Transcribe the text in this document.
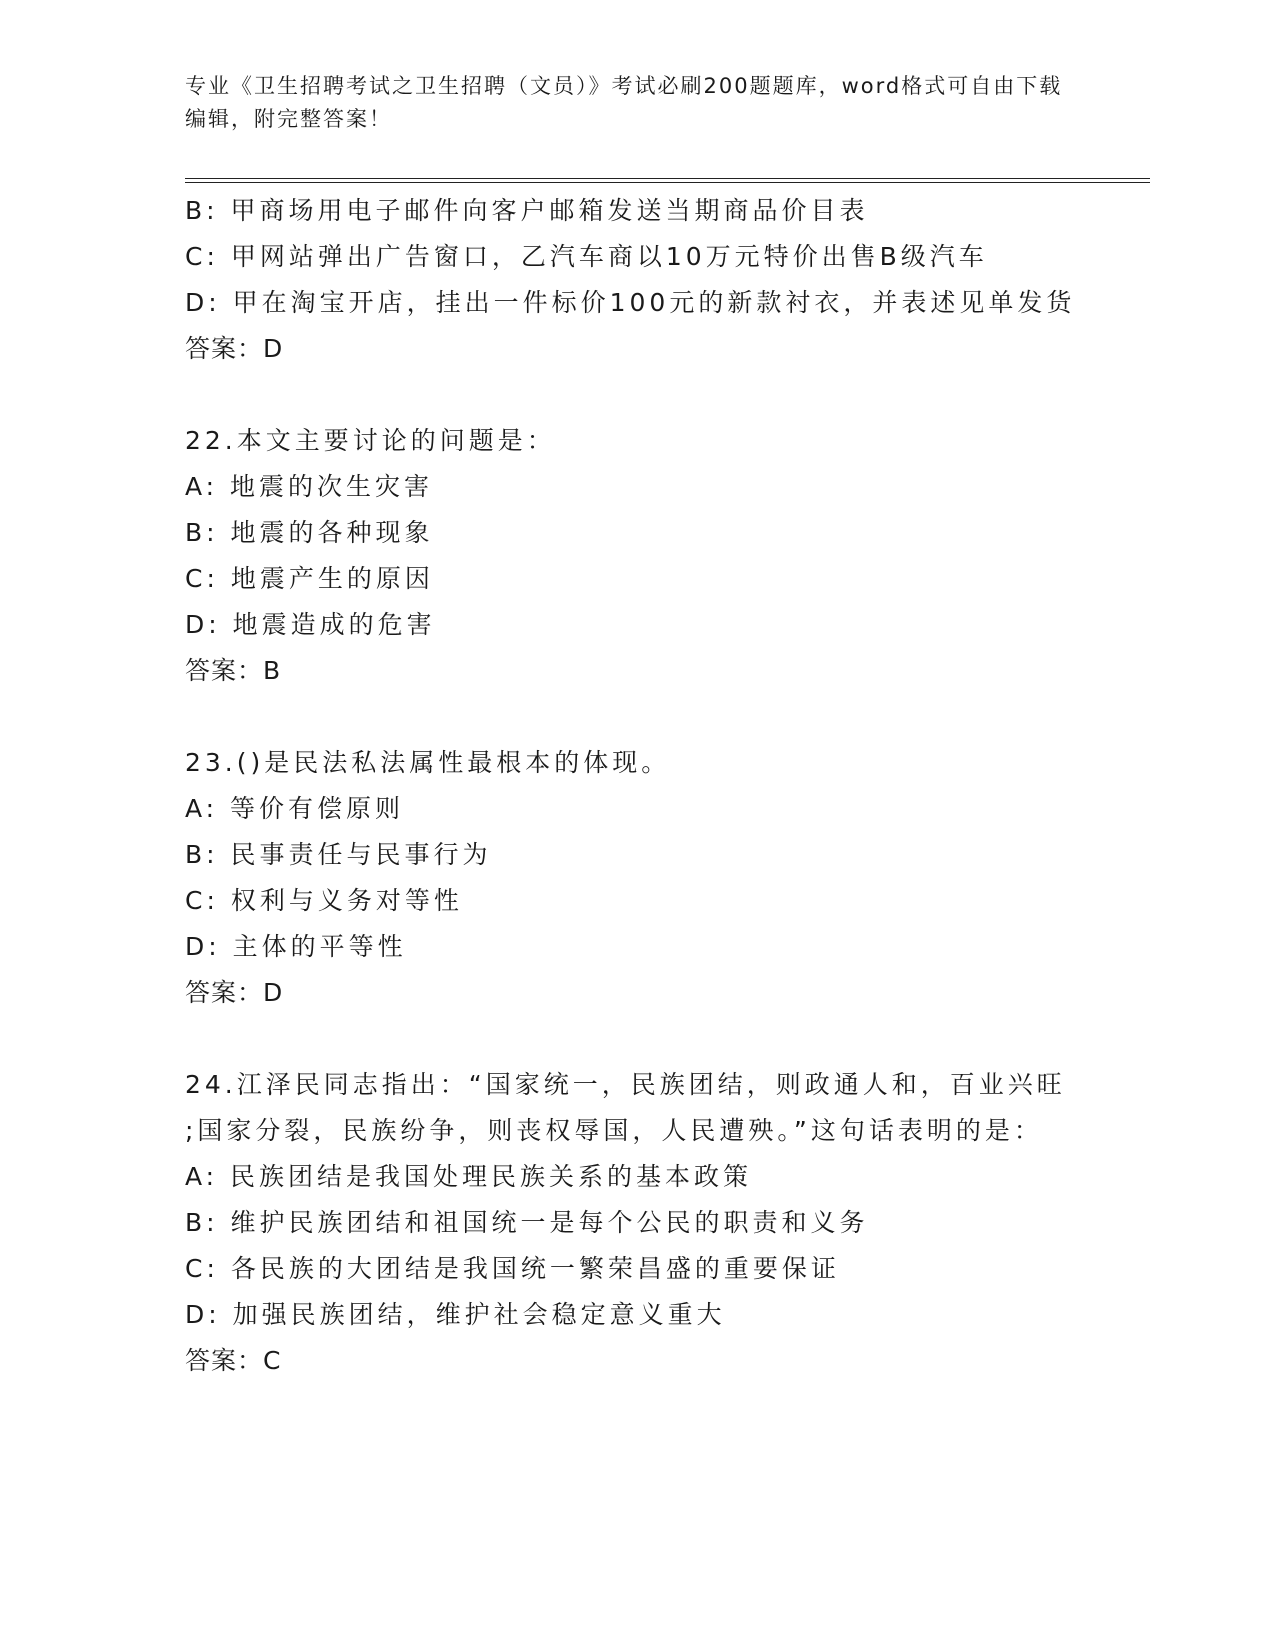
专业《卫生招聘考试之卫生招聘（文员）》考试必刷200题题库，word格式可自由下载编辑，附完整答案！
B: 甲商场用电子邮件向客户邮箱发送当期商品价目表
C: 甲网站弹出广告窗口，乙汽车商以10万元特价出售B级汽车
D: 甲在淘宝开店，挂出一件标价100元的新款衬衣，并表述见单发货
答案：D
22.本文主要讨论的问题是：
A: 地震的次生灾害
B: 地震的各种现象
C: 地震产生的原因
D: 地震造成的危害
答案：B
23.()是民法私法属性最根本的体现。
A: 等价有偿原则
B: 民事责任与民事行为
C: 权利与义务对等性
D: 主体的平等性
答案：D
24.江泽民同志指出：“国家统一，民族团结，则政通人和，百业兴旺
;国家分裂，民族纷争，则丧权辱国，人民遭殃。”这句话表明的是：
A: 民族团结是我国处理民族关系的基本政策
B: 维护民族团结和祖国统一是每个公民的职责和义务
C: 各民族的大团结是我国统一繁荣昌盛的重要保证
D: 加强民族团结，维护社会稳定意义重大
答案：C
